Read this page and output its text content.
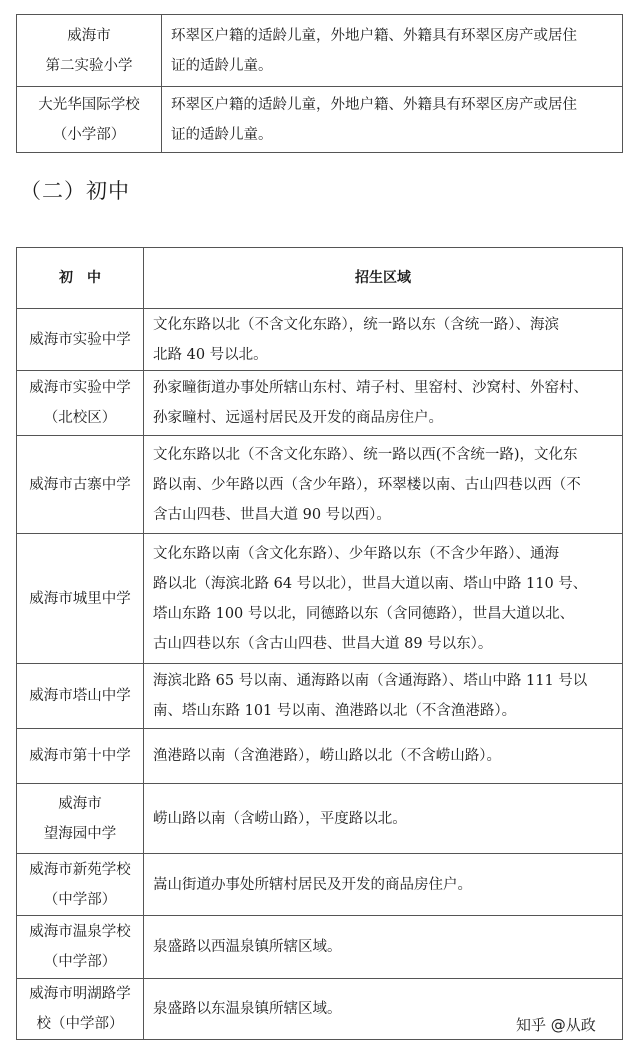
威海市
第二实验小学	环翠区户籍的适龄儿童，外地户籍、外籍具有环翠区房产或居住
证的适龄儿童。

大光华国际学校
（小学部）	环翠区户籍的适龄儿童，外地户籍、外籍具有环翠区房产或居住
证的适龄儿童。
（二）初中
初　中	招生区域

威海市实验中学	文化东路以北（不含文化东路），统一路以东（含统一路）、海滨
北路 40 号以北。

威海市实验中学
（北校区）	孙家疃街道办事处所辖山东村、靖子村、里窑村、沙窝村、外窑村、
孙家疃村、远遥村居民及开发的商品房住户。

威海市古寨中学	文化东路以北（不含文化东路）、统一路以西(不含统一路)，文化东
路以南、少年路以西（含少年路），环翠楼以南、古山四巷以西（不
含古山四巷、世昌大道 90 号以西）。

威海市城里中学	文化东路以南（含文化东路）、少年路以东（不含少年路）、通海
路以北（海滨北路 64 号以北），世昌大道以南、塔山中路 110 号、
塔山东路 100 号以北，同德路以东（含同德路），世昌大道以北、
古山四巷以东（含古山四巷、世昌大道 89 号以东）。

威海市塔山中学	海滨北路 65 号以南、通海路以南（含通海路）、塔山中路 111 号以
南、塔山东路 101 号以南、渔港路以北（不含渔港路）。

威海市第十中学	渔港路以南（含渔港路），崂山路以北（不含崂山路）。

威海市
望海园中学	崂山路以南（含崂山路），平度路以北。

威海市新苑学校
（中学部）	嵩山街道办事处所辖村居民及开发的商品房住户。

威海市温泉学校
（中学部）	泉盛路以西温泉镇所辖区域。

威海市明湖路学
校（中学部）	泉盛路以东温泉镇所辖区域。
知乎 @从政
